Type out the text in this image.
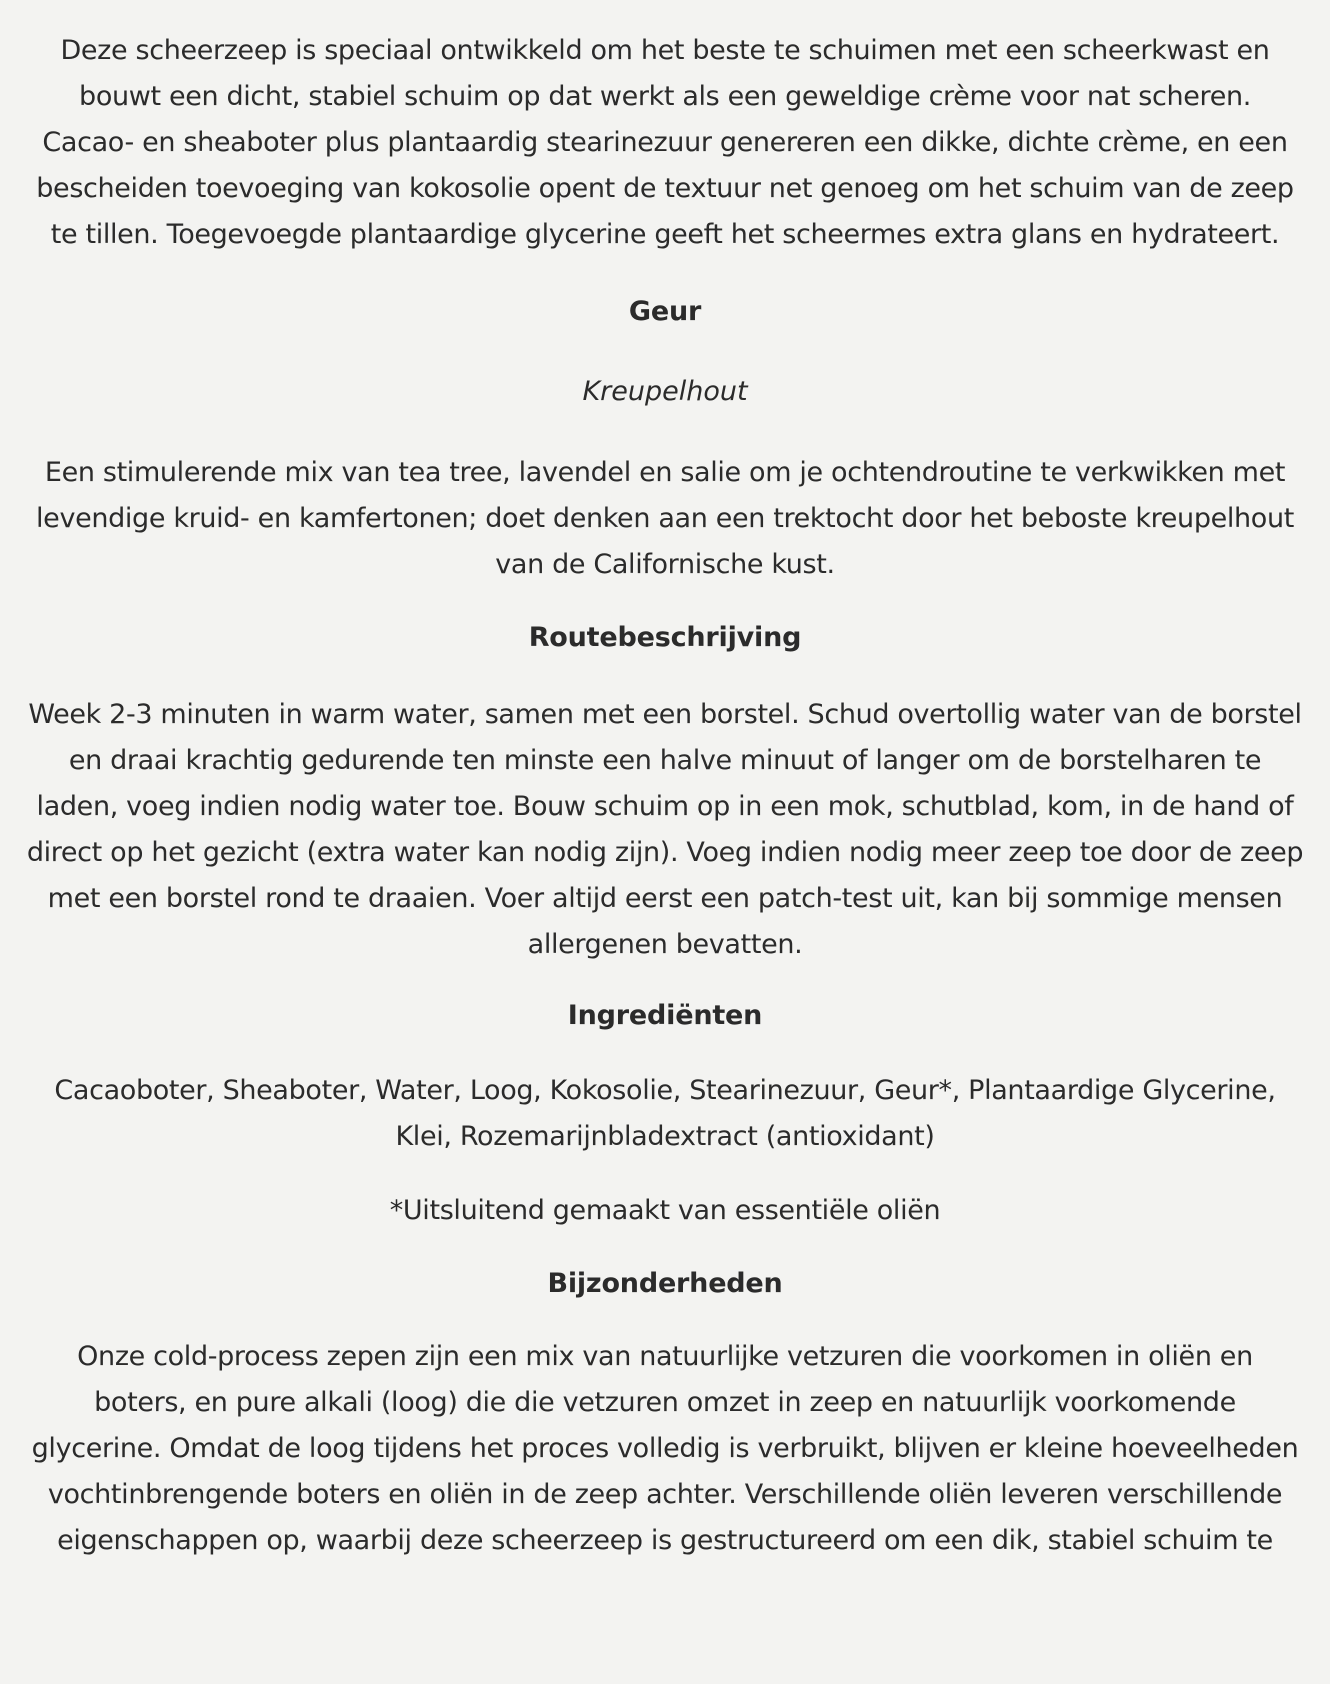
Deze scheerzeep is speciaal ontwikkeld om het beste te schuimen met een scheerkwast en
bouwt een dicht, stabiel schuim op dat werkt als een geweldige crème voor nat scheren.
Cacao- en sheaboter plus plantaardig stearinezuur genereren een dikke, dichte crème, en een
bescheiden toevoeging van kokosolie opent de textuur net genoeg om het schuim van de zeep
te tillen. Toegevoegde plantaardige glycerine geeft het scheermes extra glans en hydrateert.
Geur

Kreupelhout

Een stimulerende mix van tea tree, lavendel en salie om je ochtendroutine te verkwikken met
levendige kruid- en kamfertonen; doet denken aan een trektocht door het beboste kreupelhout
van de Californische kust.
Routebeschrijving
Week 2-3 minuten in warm water, samen met een borstel. Schud overtollig water van de borstel
en draai krachtig gedurende ten minste een halve minuut of langer om de borstelharen te
laden, voeg indien nodig water toe. Bouw schuim op in een mok, schutblad, kom, in de hand of
direct op het gezicht (extra water kan nodig zijn). Voeg indien nodig meer zeep toe door de zeep
met een borstel rond te draaien. Voer altijd eerst een patch-test uit, kan bij sommige mensen
allergenen bevatten.
Ingrediënten
Cacaoboter, Sheaboter, Water, Loog, Kokosolie, Stearinezuur, Geur*, Plantaardige Glycerine,
Klei, Rozemarijnbladextract (antioxidant)
*Uitsluitend gemaakt van essentiële oliën
Bijzonderheden
Onze cold-process zepen zijn een mix van natuurlijke vetzuren die voorkomen in oliën en
boters, en pure alkali (loog) die die vetzuren omzet in zeep en natuurlijk voorkomende
glycerine. Omdat de loog tijdens het proces volledig is verbruikt, blijven er kleine hoeveelheden
vochtinbrengende boters en oliën in de zeep achter. Verschillende oliën leveren verschillende
eigenschappen op, waarbij deze scheerzeep is gestructureerd om een dik, stabiel schuim te
